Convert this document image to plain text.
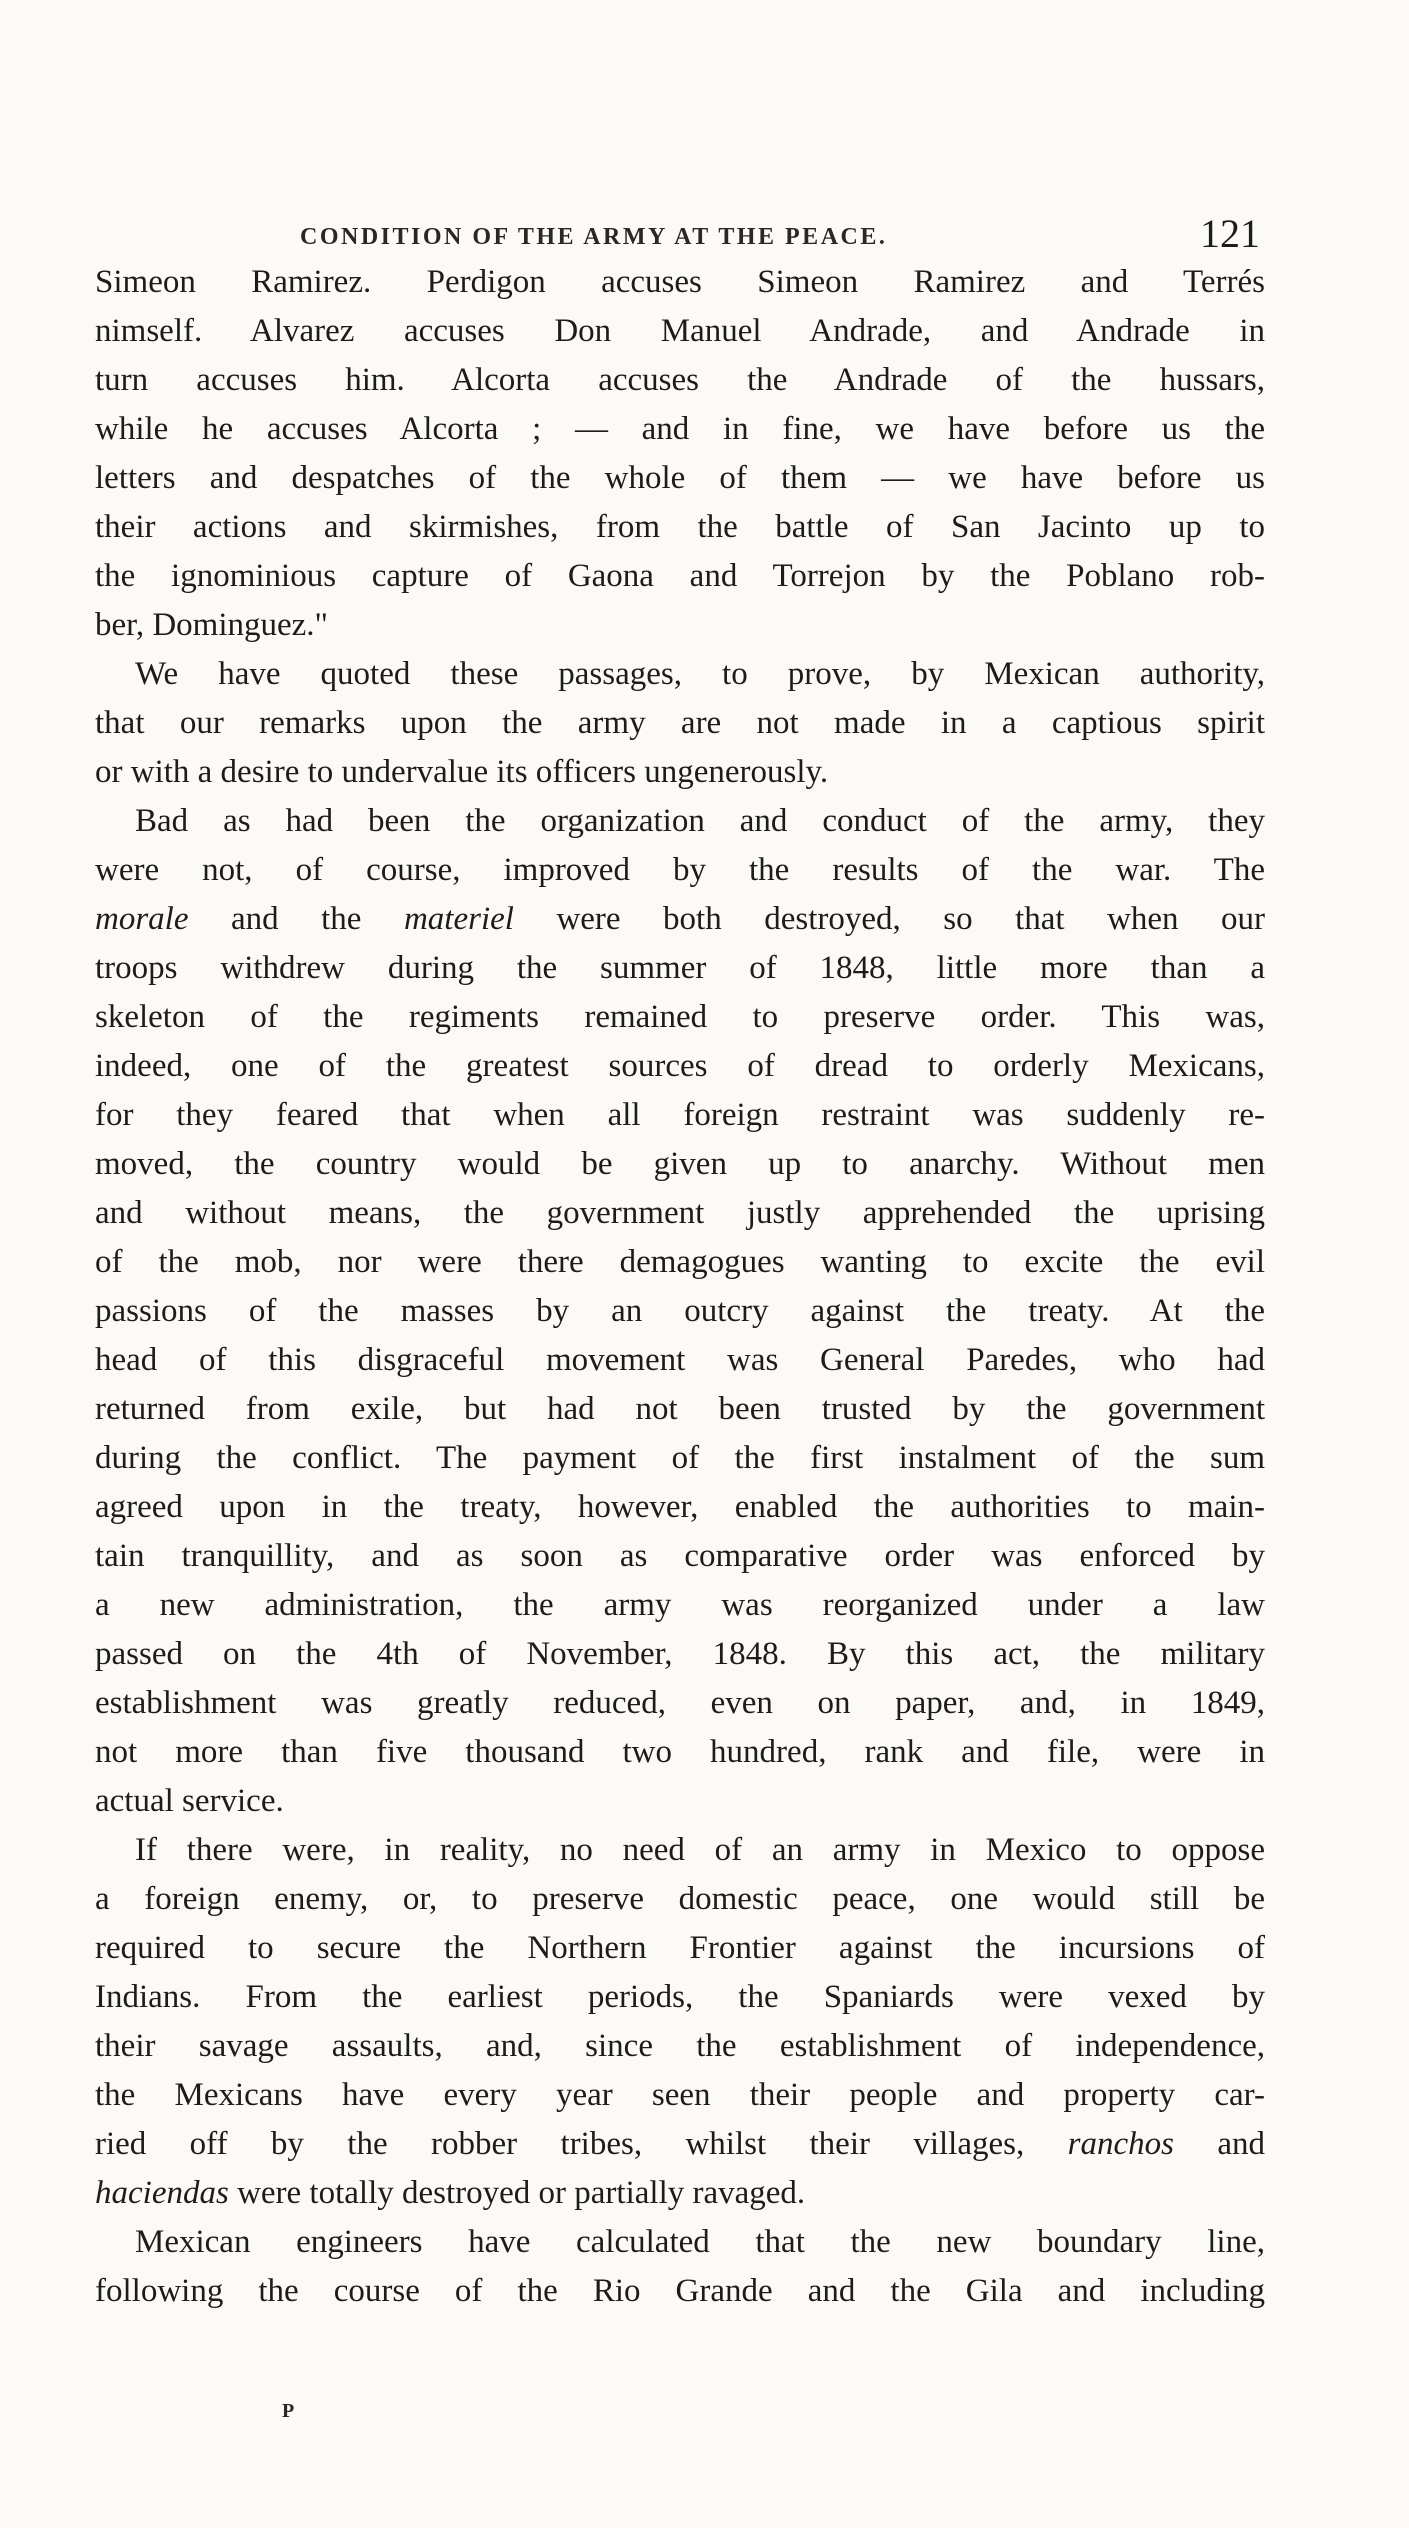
CONDITION OF THE ARMY AT THE PEACE.	121
Simeon Ramirez. Perdigon accuses Simeon Ramirez and Terrés
nimself. Alvarez accuses Don Manuel Andrade, and Andrade in
turn accuses him. Alcorta accuses the Andrade of the hussars,
while he accuses Alcorta ; — and in fine, we have before us the
letters and despatches of the whole of them — we have before us
their actions and skirmishes, from the battle of San Jacinto up to
the ignominious capture of Gaona and Torrejon by the Poblano rob-
ber, Dominguez."
We have quoted these passages, to prove, by Mexican authority,
that our remarks upon the army are not made in a captious spirit
or with a desire to undervalue its officers ungenerously.
Bad as had been the organization and conduct of the army, they
were not, of course, improved by the results of the war. The
morale and the materiel were both destroyed, so that when our
troops withdrew during the summer of 1848, little more than a
skeleton of the regiments remained to preserve order. This was,
indeed, one of the greatest sources of dread to orderly Mexicans,
for they feared that when all foreign restraint was suddenly re-
moved, the country would be given up to anarchy. Without men
and without means, the government justly apprehended the uprising
of the mob, nor were there demagogues wanting to excite the evil
passions of the masses by an outcry against the treaty. At the
head of this disgraceful movement was General Paredes, who had
returned from exile, but had not been trusted by the government
during the conflict. The payment of the first instalment of the sum
agreed upon in the treaty, however, enabled the authorities to main-
tain tranquillity, and as soon as comparative order was enforced by
a new administration, the army was reorganized under a law
passed on the 4th of November, 1848. By this act, the military
establishment was greatly reduced, even on paper, and, in 1849,
not more than five thousand two hundred, rank and file, were in
actual service.
If there were, in reality, no need of an army in Mexico to oppose
a foreign enemy, or, to preserve domestic peace, one would still be
required to secure the Northern Frontier against the incursions of
Indians. From the earliest periods, the Spaniards were vexed by
their savage assaults, and, since the establishment of independence,
the Mexicans have every year seen their people and property car-
ried off by the robber tribes, whilst their villages, ranchos and
haciendas were totally destroyed or partially ravaged.
Mexican engineers have calculated that the new boundary line,
following the course of the Rio Grande and the Gila and including
P
